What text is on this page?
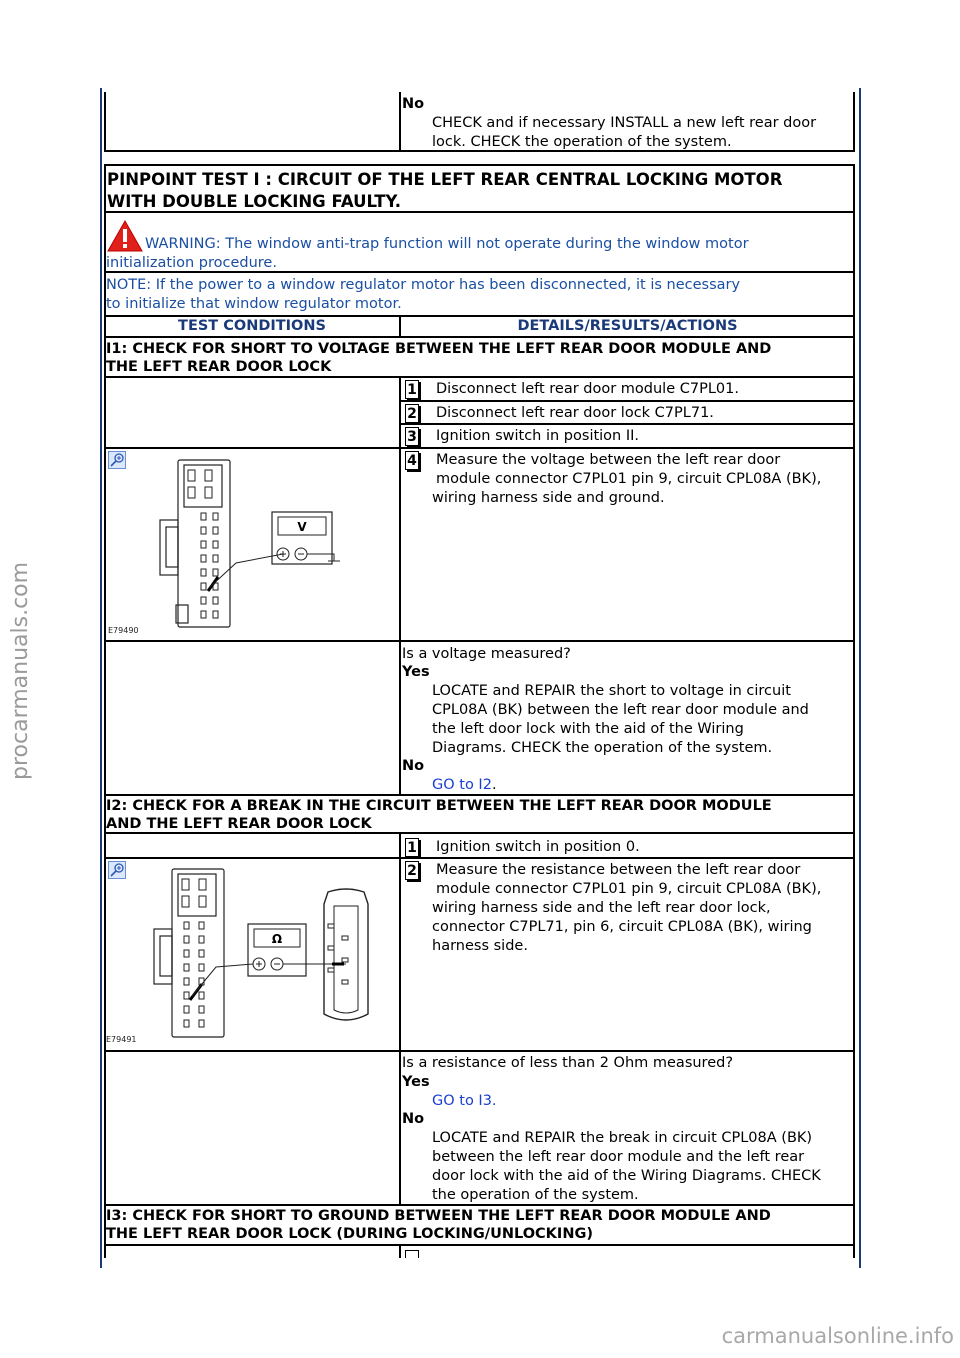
No
CHECK and if necessary INSTALL a new left rear door
lock. CHECK the operation of the system.
PINPOINT TEST I : CIRCUIT OF THE LEFT REAR CENTRAL LOCKING MOTOR
WITH DOUBLE LOCKING FAULTY.
WARNING: The window anti-trap function will not operate during the window motor
initialization procedure.
NOTE: If the power to a window regulator motor has been disconnected, it is necessary
to initialize that window regulator motor.
TEST CONDITIONS	DETAILS/RESULTS/ACTIONS
I1: CHECK FOR SHORT TO VOLTAGE BETWEEN THE LEFT REAR DOOR MODULE AND
THE LEFT REAR DOOR LOCK
1 Disconnect left rear door module C7PL01.
2 Disconnect left rear door lock C7PL71.
3 Ignition switch in position II.
4 Measure the voltage between the left rear door
module connector C7PL01 pin 9, circuit CPL08A (BK),
wiring harness side and ground.
V
E79490
Is a voltage measured?
Yes
LOCATE and REPAIR the short to voltage in circuit
CPL08A (BK) between the left rear door module and
the left door lock with the aid of the Wiring
Diagrams. CHECK the operation of the system.
No
GO to I2.
I2: CHECK FOR A BREAK IN THE CIRCUIT BETWEEN THE LEFT REAR DOOR MODULE
AND THE LEFT REAR DOOR LOCK
1 Ignition switch in position 0.
2 Measure the resistance between the left rear door
module connector C7PL01 pin 9, circuit CPL08A (BK),
wiring harness side and the left rear door lock,
connector C7PL71, pin 6, circuit CPL08A (BK), wiring
harness side.
Ω
E79491
Is a resistance of less than 2 Ohm measured?
Yes
GO to I3.
No
LOCATE and REPAIR the break in circuit CPL08A (BK)
between the left rear door module and the left rear
door lock with the aid of the Wiring Diagrams. CHECK
the operation of the system.
I3: CHECK FOR SHORT TO GROUND BETWEEN THE LEFT REAR DOOR MODULE AND
THE LEFT REAR DOOR LOCK (DURING LOCKING/UNLOCKING)
procarmanuals.com
carmanualsonline.info
